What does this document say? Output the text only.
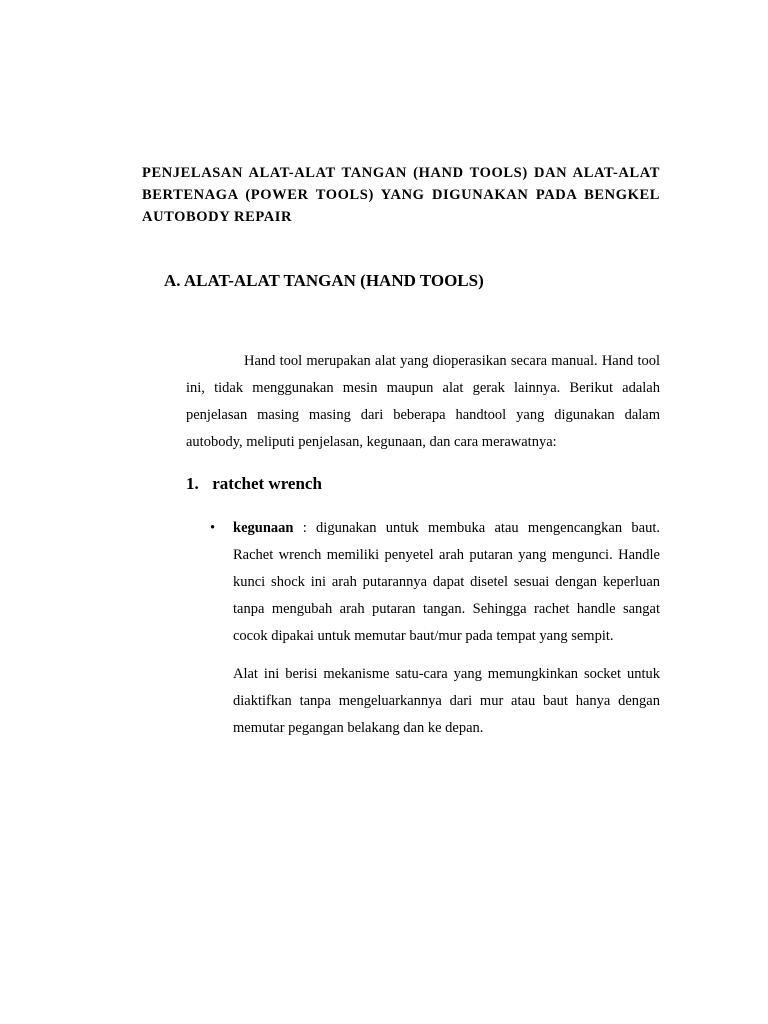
PENJELASAN ALAT-ALAT TANGAN (HAND TOOLS) DAN ALAT-ALAT BERTENAGA (POWER TOOLS) YANG DIGUNAKAN PADA BENGKEL AUTOBODY REPAIR
A. ALAT-ALAT TANGAN (HAND TOOLS)

Hand tool merupakan alat yang dioperasikan secara manual. Hand tool ini, tidak menggunakan mesin maupun alat gerak lainnya. Berikut adalah penjelasan masing masing dari beberapa handtool yang digunakan dalam autobody, meliputi penjelasan, kegunaan, dan cara merawatnya:

1. ratchet wrench
• kegunaan : digunakan untuk membuka atau mengencangkan baut. Rachet wrench memiliki penyetel arah putaran yang mengunci. Handle kunci shock ini arah putarannya dapat disetel sesuai dengan keperluan tanpa mengubah arah putaran tangan. Sehingga rachet handle sangat cocok dipakai untuk memutar baut/mur pada tempat yang sempit.

Alat ini berisi mekanisme satu-cara yang memungkinkan socket untuk diaktifkan tanpa mengeluarkannya dari mur atau baut hanya dengan memutar pegangan belakang dan ke depan.
